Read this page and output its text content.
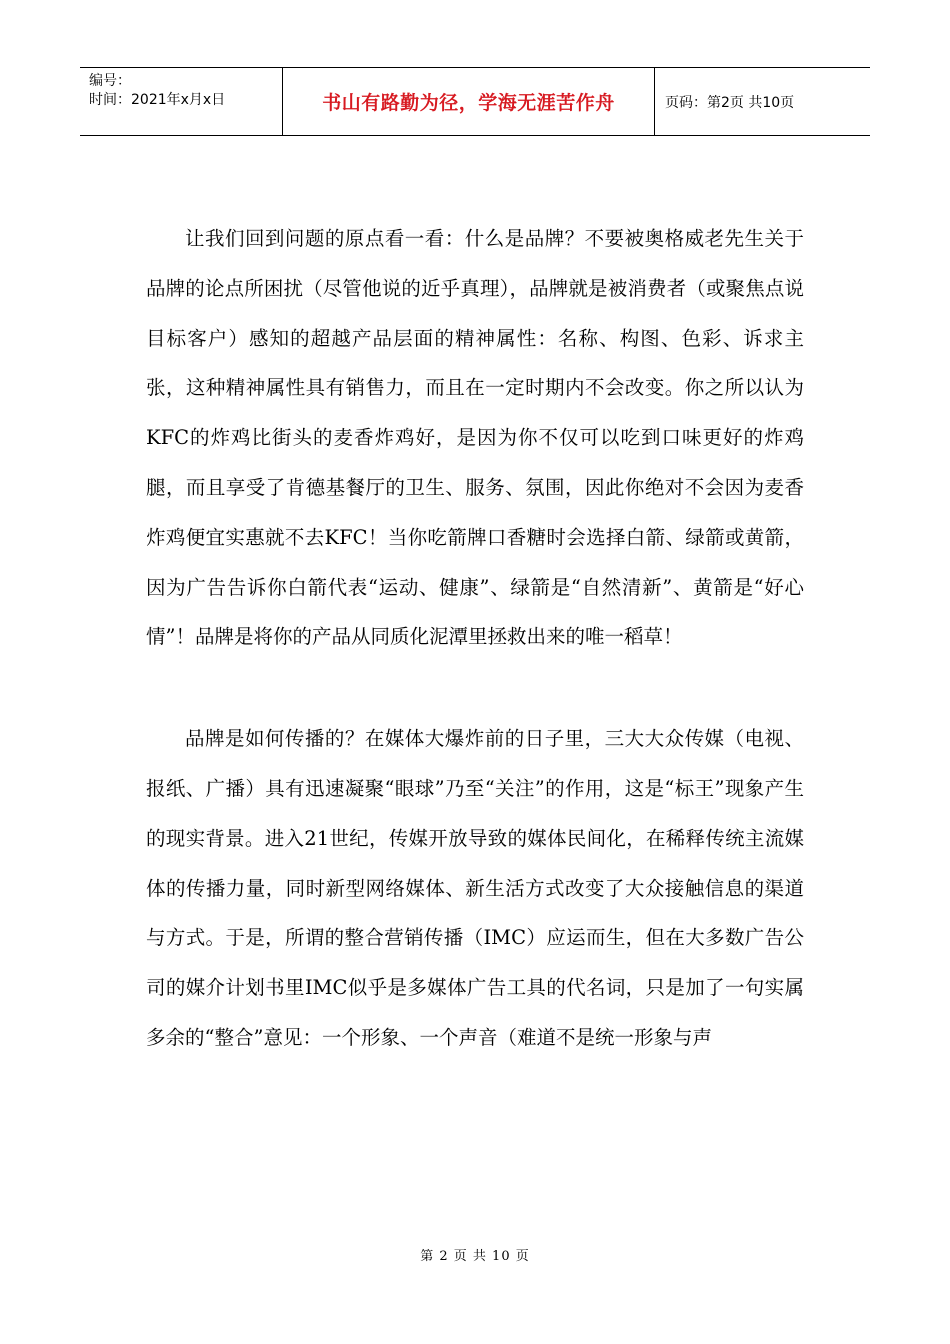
编号：
时间：2021年x月x日	书山有路勤为径，学海无涯苦作舟	页码：第2页 共10页

让我们回到问题的原点看一看：什么是品牌？不要被奥格威老先生关于品牌的论点所困扰（尽管他说的近乎真理），品牌就是被消费者（或聚焦点说目标客户）感知的超越产品层面的精神属性：名称、构图、色彩、诉求主张，这种精神属性具有销售力，而且在一定时期内不会改变。你之所以认为KFC的炸鸡比街头的麦香炸鸡好，是因为你不仅可以吃到口味更好的炸鸡腿，而且享受了肯德基餐厅的卫生、服务、氛围，因此你绝对不会因为麦香炸鸡便宜实惠就不去KFC！当你吃箭牌口香糖时会选择白箭、绿箭或黄箭，因为广告告诉你白箭代表“运动、健康”、绿箭是“自然清新”、黄箭是“好心情”！品牌是将你的产品从同质化泥潭里拯救出来的唯一稻草！

品牌是如何传播的？在媒体大爆炸前的日子里，三大大众传媒（电视、报纸、广播）具有迅速凝聚“眼球”乃至“关注”的作用，这是“标王”现象产生的现实背景。进入21世纪，传媒开放导致的媒体民间化，在稀释传统主流媒体的传播力量，同时新型网络媒体、新生活方式改变了大众接触信息的渠道与方式。于是，所谓的整合营销传播（IMC）应运而生，但在大多数广告公司的媒介计划书里IMC似乎是多媒体广告工具的代名词，只是加了一句实属多余的“整合”意见：一个形象、一个声音（难道不是统一形象与声

第 2 页 共 10 页
